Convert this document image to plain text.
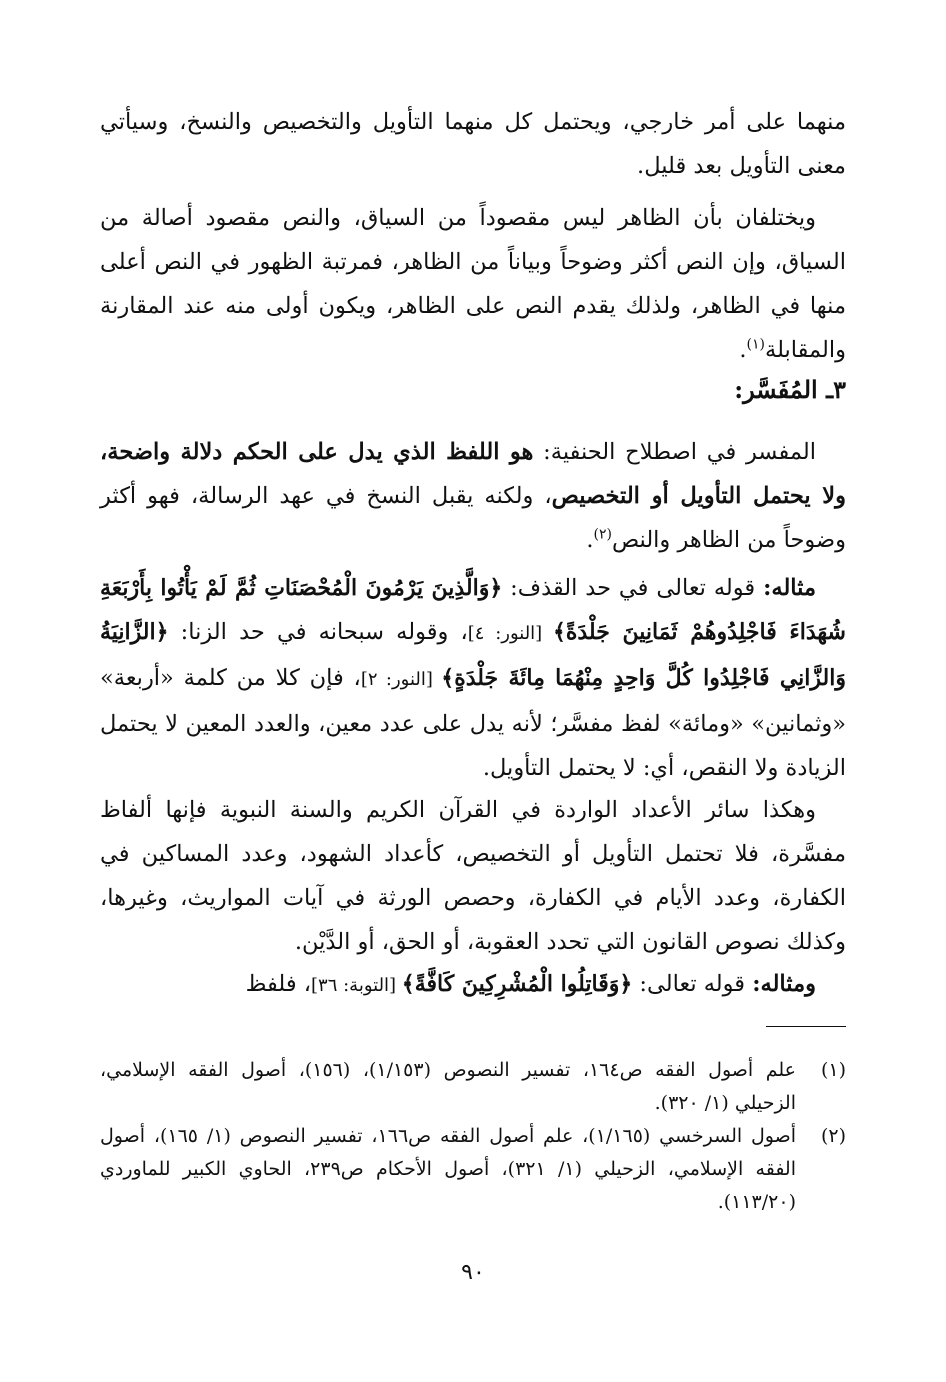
منهما على أمر خارجي، ويحتمل كل منهما التأويل والتخصيص والنسخ، وسيأتي معنى التأويل بعد قليل.
ويختلفان بأن الظاهر ليس مقصوداً من السياق، والنص مقصود أصالة من السياق، وإن النص أكثر وضوحاً وبياناً من الظاهر، فمرتبة الظهور في النص أعلى منها في الظاهر، ولذلك يقدم النص على الظاهر، ويكون أولى منه عند المقارنة والمقابلة$^{(١)}$.
٣ـ المُفَسَّر:
المفسر في اصطلاح الحنفية: هو اللفظ الذي يدل على الحكم دلالة واضحة، ولا يحتمل التأويل أو التخصيص، ولكنه يقبل النسخ في عهد الرسالة، فهو أكثر وضوحاً من الظاهر والنص$^{(٢)}$.
مثاله: قوله تعالى في حد القذف: ﴿وَالَّذِينَ يَرْمُونَ الْمُحْصَنَاتِ ثُمَّ لَمْ يَأْتُوا بِأَرْبَعَةِ شُهَدَاءَ فَاجْلِدُوهُمْ ثَمَانِينَ جَلْدَةً﴾ [النور: ٤]، وقوله سبحانه في حد الزنا: ﴿الزَّانِيَةُ وَالزَّانِي فَاجْلِدُوا كُلَّ وَاحِدٍ مِنْهُمَا مِائَةَ جَلْدَةٍ﴾ [النور: ٢]، فإن كلا من كلمة «أربعة» «وثمانين» «ومائة» لفظ مفسَّر؛ لأنه يدل على عدد معين، والعدد المعين لا يحتمل الزيادة ولا النقص، أي: لا يحتمل التأويل.
وهكذا سائر الأعداد الواردة في القرآن الكريم والسنة النبوية فإنها ألفاظ مفسَّرة، فلا تحتمل التأويل أو التخصيص، كأعداد الشهود، وعدد المساكين في الكفارة، وعدد الأيام في الكفارة، وحصص الورثة في آيات المواريث، وغيرها، وكذلك نصوص القانون التي تحدد العقوبة، أو الحق، أو الدَّيْن.
ومثاله: قوله تعالى: ﴿وَقَاتِلُوا الْمُشْرِكِينَ كَافَّةً﴾ [التوبة: ٣٦]، فلفظ
(١)
علم أصول الفقه ص١٦٤، تفسير النصوص (١/١٥٣)، (١٥٦)، أصول الفقه الإسلامي، الزحيلي (١/ ٣٢٠).
(٢)
أصول السرخسي (١/١٦٥)، علم أصول الفقه ص١٦٦، تفسير النصوص (١/ ١٦٥)، أصول الفقه الإسلامي، الزحيلي (١/ ٣٢١)، أصول الأحكام ص٢٣٩، الحاوي الكبير للماوردي (١١٣/٢٠).
٩٠
